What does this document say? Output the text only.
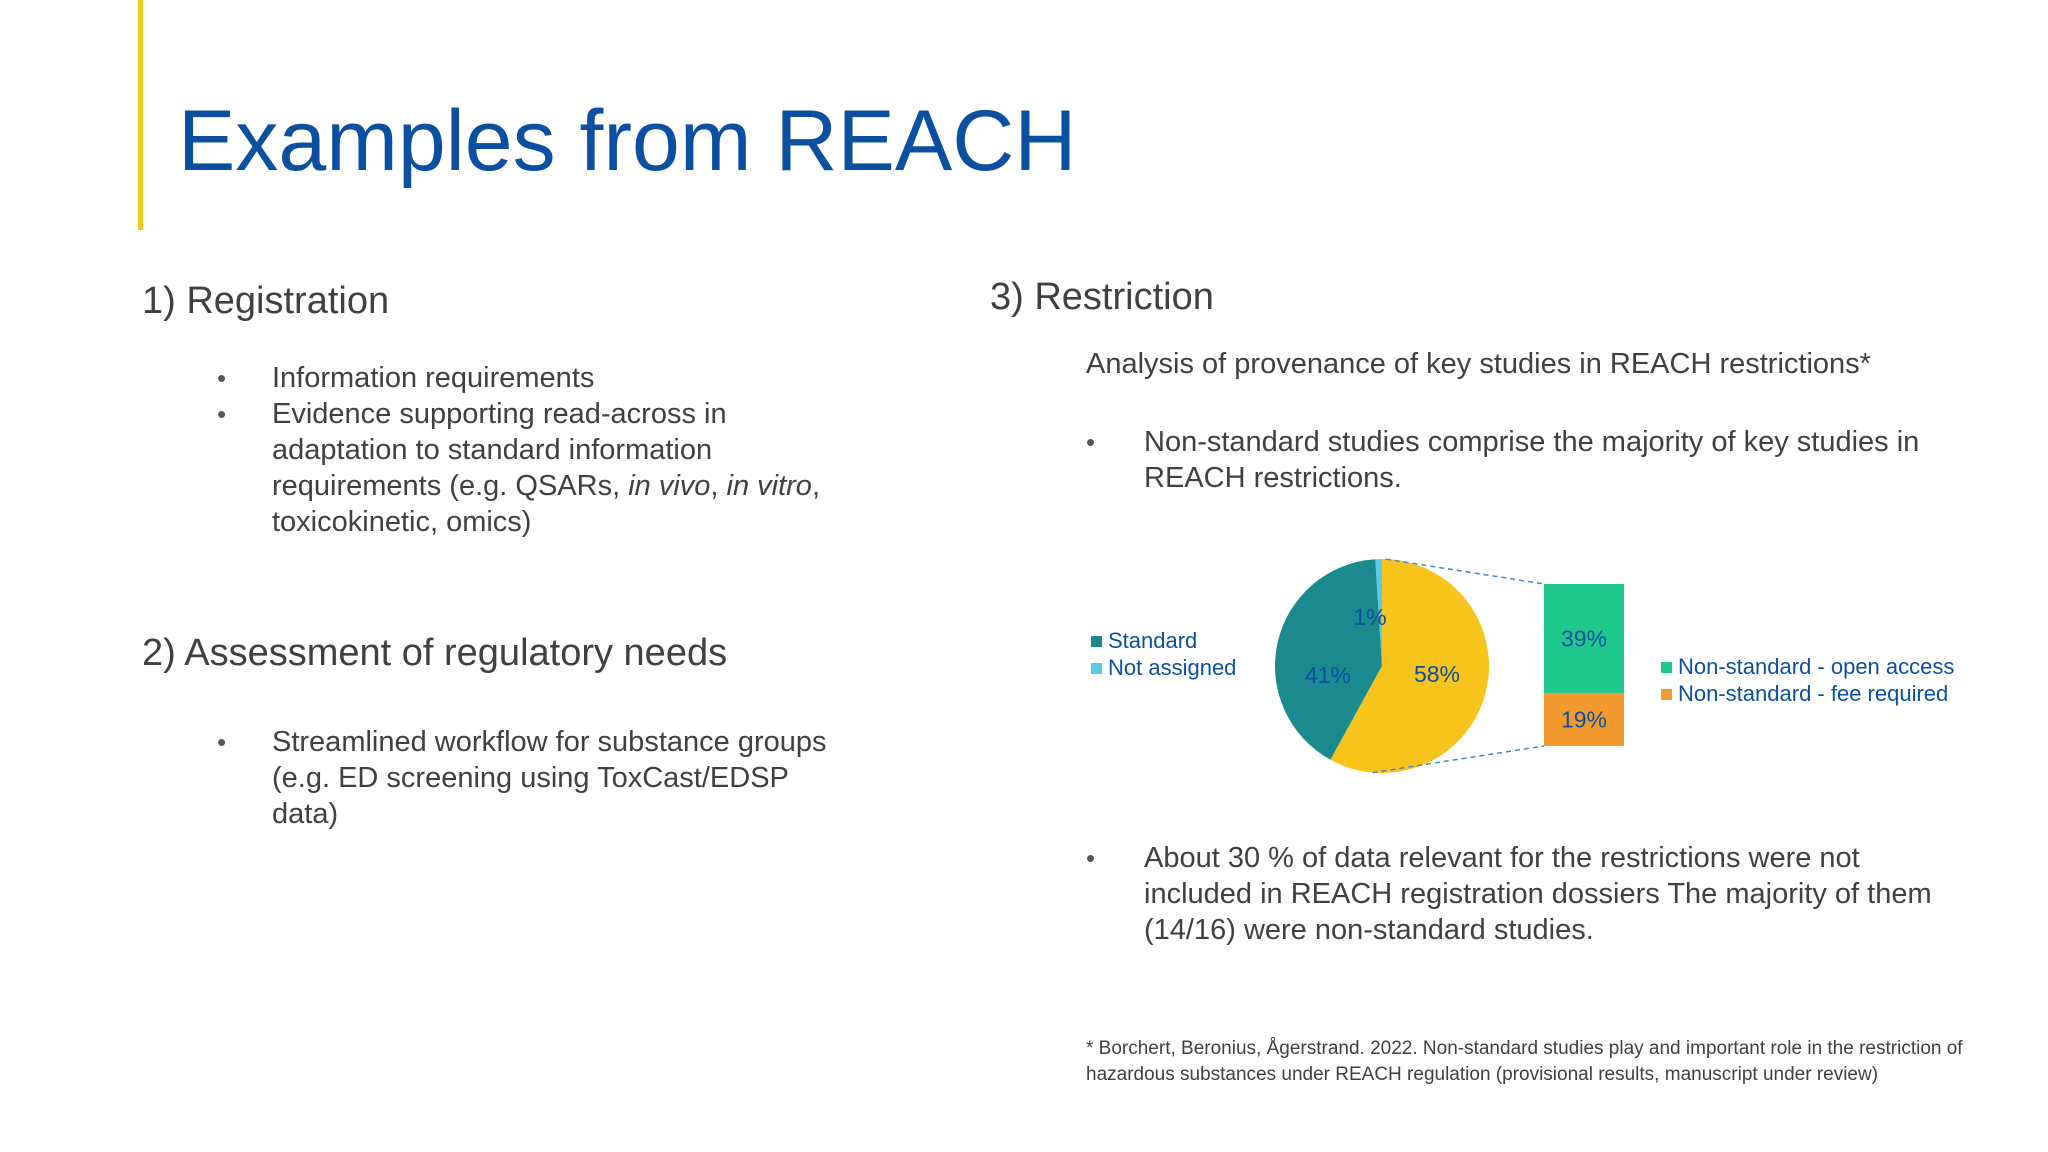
Examples from REACH
1) Registration
• Information requirements
• Evidence supporting read-across in adaptation to standard information requirements (e.g. QSARs, in vivo, in vitro, toxicokinetic, omics)
2) Assessment of regulatory needs
• Streamlined workflow for substance groups (e.g. ED screening using ToxCast/EDSP data)
3) Restriction
Analysis of provenance of key studies in REACH restrictions*
• Non-standard studies comprise the majority of key studies in REACH restrictions.
41%
1%
58%
39%
19%
Standard
Not assigned	Non-standard - open access
Non-standard - fee required
• About 30 % of data relevant for the restrictions were not included in REACH registration dossiers The majority of them (14/16) were non-standard studies.
* Borchert, Beronius, Ågerstrand. 2022. Non-standard studies play and important role in the restriction of hazardous substances under REACH regulation (provisional results, manuscript under review)
